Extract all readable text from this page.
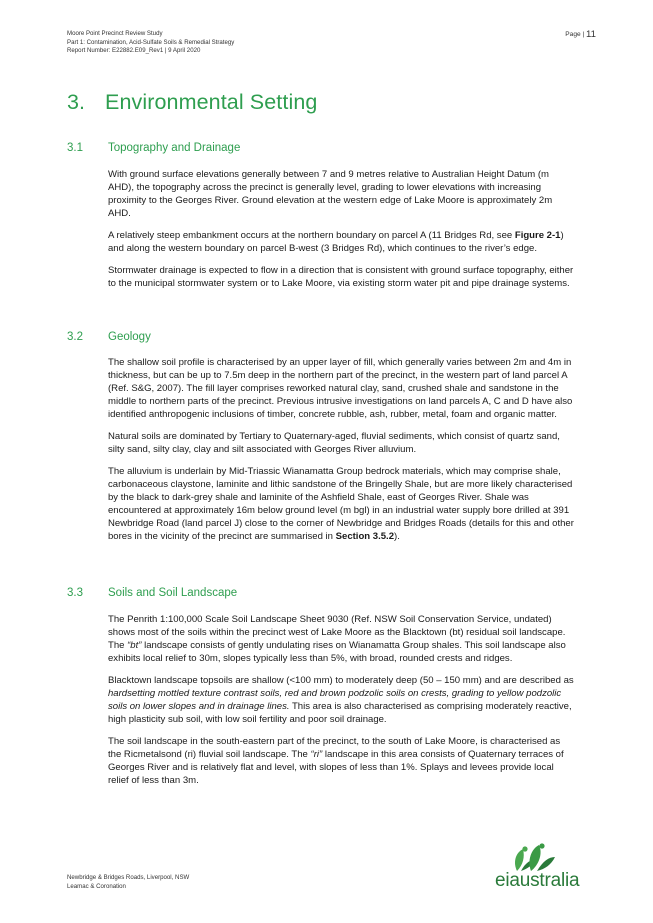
Moore Point Precinct Review Study
Part 1: Contamination, Acid-Sulfate Soils & Remedial Strategy
Report Number: E22882.E09_Rev1 | 9 April 2020
Page | 11
3. Environmental Setting
3.1 Topography and Drainage

With ground surface elevations generally between 7 and 9 metres relative to Australian Height Datum (m AHD), the topography across the precinct is generally level, grading to lower elevations with increasing proximity to the Georges River. Ground elevation at the western edge of Lake Moore is approximately 2m AHD.

A relatively steep embankment occurs at the northern boundary on parcel A (11 Bridges Rd, see Figure 2-1) and along the western boundary on parcel B-west (3 Bridges Rd), which continues to the river’s edge.

Stormwater drainage is expected to flow in a direction that is consistent with ground surface topography, either to the municipal stormwater system or to Lake Moore, via existing storm water pit and pipe drainage systems.

3.2 Geology

The shallow soil profile is characterised by an upper layer of fill, which generally varies between 2m and 4m in thickness, but can be up to 7.5m deep in the northern part of the precinct, in the western part of land parcel A (Ref. S&G, 2007). The fill layer comprises reworked natural clay, sand, crushed shale and sandstone in the middle to northern parts of the precinct. Previous intrusive investigations on land parcels A, C and D have also identified anthropogenic inclusions of timber, concrete rubble, ash, rubber, metal, foam and organic matter.

Natural soils are dominated by Tertiary to Quaternary-aged, fluvial sediments, which consist of quartz sand, silty sand, silty clay, clay and silt associated with Georges River alluvium.

The alluvium is underlain by Mid-Triassic Wianamatta Group bedrock materials, which may comprise shale, carbonaceous claystone, laminite and lithic sandstone of the Bringelly Shale, but are more likely characterised by the black to dark-grey shale and laminite of the Ashfield Shale, east of Georges River. Shale was encountered at approximately 16m below ground level (m bgl) in an industrial water supply bore drilled at 391 Newbridge Road (land parcel J) close to the corner of Newbridge and Bridges Roads (details for this and other bores in the vicinity of the precinct are summarised in Section 3.5.2).

3.3 Soils and Soil Landscape

The Penrith 1:100,000 Scale Soil Landscape Sheet 9030 (Ref. NSW Soil Conservation Service, undated) shows most of the soils within the precinct west of Lake Moore as the Blacktown (bt) residual soil landscape. The “bt” landscape consists of gently undulating rises on Wianamatta Group shales. This soil landscape also exhibits local relief to 30m, slopes typically less than 5%, with broad, rounded crests and ridges.

Blacktown landscape topsoils are shallow (<100 mm) to moderately deep (50 – 150 mm) and are described as hardsetting mottled texture contrast soils, red and brown podzolic soils on crests, grading to yellow podzolic soils on lower slopes and in drainage lines. This area is also characterised as comprising moderately reactive, high plasticity sub soil, with low soil fertility and poor soil drainage.

The soil landscape in the south-eastern part of the precinct, to the south of Lake Moore, is characterised as the Ricmetalsond (ri) fluvial soil landscape. The “ri” landscape in this area consists of Quaternary terraces of Georges River and is relatively flat and level, with slopes of less than 1%. Splays and levees provide local relief of less than 3m.

Newbridge & Bridges Roads, Liverpool, NSW
Leamac & Coronation	eiaustralia
